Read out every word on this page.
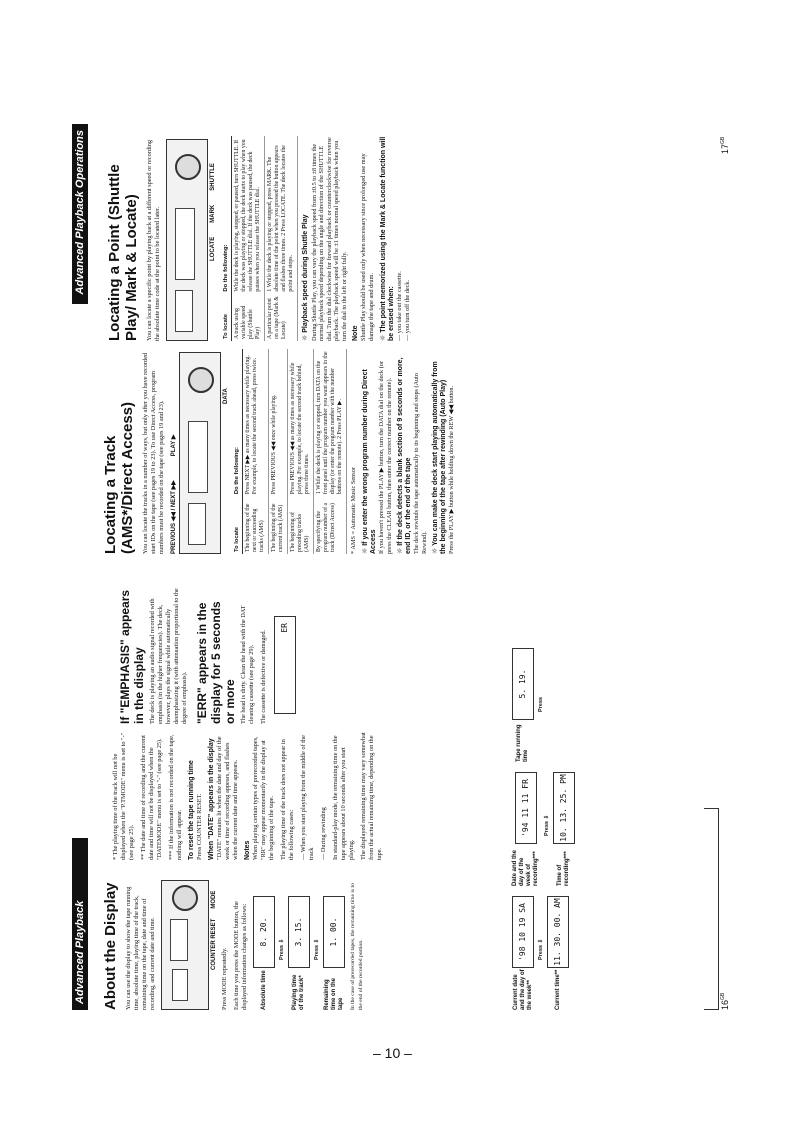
Advanced Playback Operations About the Display You can use the display to show the tape running time, absolute time, playing time of the track, remaining time on the tape, date and time of recording, and current date and time.	COUNTER RESET
MODE

Press MODE repeatedly. Each time you press the MODE button, the displayed information changes as follows: Absolute time
8. 20.
Press ⇩
Playing time of the track*
3. 15.
Press ⇩
Remaining time on the tape
1. 00.	In the case of prerecorded tapes, the remaining time is to the end of the recorded portion.

* The playing time of the track will not be displayed when the "P.TMODE" menu is set to "-" (see page 25). ** The date and time of recording and the current date and time will not be displayed when the "DATEMODE" menu is set to "-" (see page 25). *** If the information is not recorded on the tape, nothing will appear. To reset the tape running time Press COUNTER RESET. When "DATE" appears in the display "DATE" remains lit when the date and day of the week or time of recording appears, and flashes when the current date and time appears. Notes When playing certain types of prerecorded tapes, "RR" may appear momentarily in the display at the beginning of the tape. The playing time of the track does not appear in the following cases: — When you start playing from the middle of the track — During rewinding In standard-play mode, the remaining time on the tape appears about 10 seconds after you start playing. The displayed remaining time may vary somewhat from the actual remaining time, depending on the tape.

If "EMPHASIS" appears in the display The deck is playing an audio signal recorded with emphasis (in the higher frequencies). The deck, however, plays the signal while automatically deemphasizing it (with attenuation proportional to the degree of emphasis). "ERR" appears in the display for 5 seconds or more The head is dirty. Clean the head with the DAT cleaning cassette (see page 29). The cassette is defective or damaged.

ER
Current date and the day of the week**
'98 10 19 SA	Press ⇩
Current time**
11. 30. 00. AM
Date and the day of the week of recording***
'94 11 11 FR	Press ⇩
Time of recording***
10. 13. 25. PM
Tape running time
5. 19.
Press
$16^{GB}$
Advanced Playback Operations
Locating a Track (AMS*/Direct Access) You can locate the tracks in a number of ways, but only after you have recorded start IDs on the tape (see pages 19 to 23). To use Direct Access, program numbers must be recorded on the tape (see pages 19 and 23). PREVIOUS ◀◀ / NEXT ▶▶
PLAY ▶
DATA
To locate	Do the following:
The beginning of the next or succeeding tracks (AMS)	Press NEXT ▶▶ as many times as necessary while playing. For example, to locate the second track ahead, press twice.
The beginning of the current track (AMS)	Press PREVIOUS ◀◀ once while playing.
The beginning of preceding tracks (AMS)	Press PREVIOUS ◀◀ as many times as necessary while playing. For example, to locate the second track behind, press three times.
By specifying the program number of a track (Direct Access)	1 While the deck is playing or stopped, turn DATA on the front panel until the program number you want appears in the display (or enter the program number with the number buttons on the remote). 2 Press PLAY ▶.

* AMS = Automatic Music Sensor ☼ If you enter the wrong program number during Direct Access If you haven't pressed the PLAY ▶ button, turn the DATA dial on the deck (or press the CLEAR button, then enter the correct number on the remote). ☼ If the deck detects a blank section of 9 seconds or more, end ID, or the end of the tape The deck rewinds the tape automatically to its beginning and stops (Auto Rewind). ☼ You can make the deck start playing automatically from the beginning of the tape after rewinding (Auto Play) Press the PLAY ▶ button while holding down the REW ◀◀ button.
Locating a Point (Shuttle Play/ Mark & Locate) You can locate a specific point by playing back at a different speed or recording the absolute time code at the point to be located later.	LOCATE
MARK
SHUTTLE
To locate	Do the following:
A track using variable speed play (Shuttle Play)	While the deck is playing, stopped, or paused, turn SHUTTLE. If the deck was playing or stopped, the deck starts to play when you release the SHUTTLE dial. If the deck was paused, the deck pauses when you release the SHUTTLE dial.
A particular point on a tape (Mark & Locate)	1 While the deck is playing or stopped, press MARK. The absolute time of the point when you pressed the button appears and flashes three times. 2 Press LOCATE. The deck locates the point and stops.
☼ Playback speed during Shuttle Play During Shuttle Play, you can vary the playback speed from ±0.5 to ±8 times the normal playback speed depending on the angle and direction of the SHUTTLE dial. Turn the dial clockwise for forward playback or counterclockwise for reverse playback. The playback speed will be ±1 times normal speed playback when you turn the dial to the left or right fully. Note Shuttle Play should be used only when necessary since prolonged use may damage the tape and drum. ☼ The point memorized using the Mark & Locate function will be erased when: — you take out the cassette. — you turn off the deck.
$17^{GB}$
– 10 –
